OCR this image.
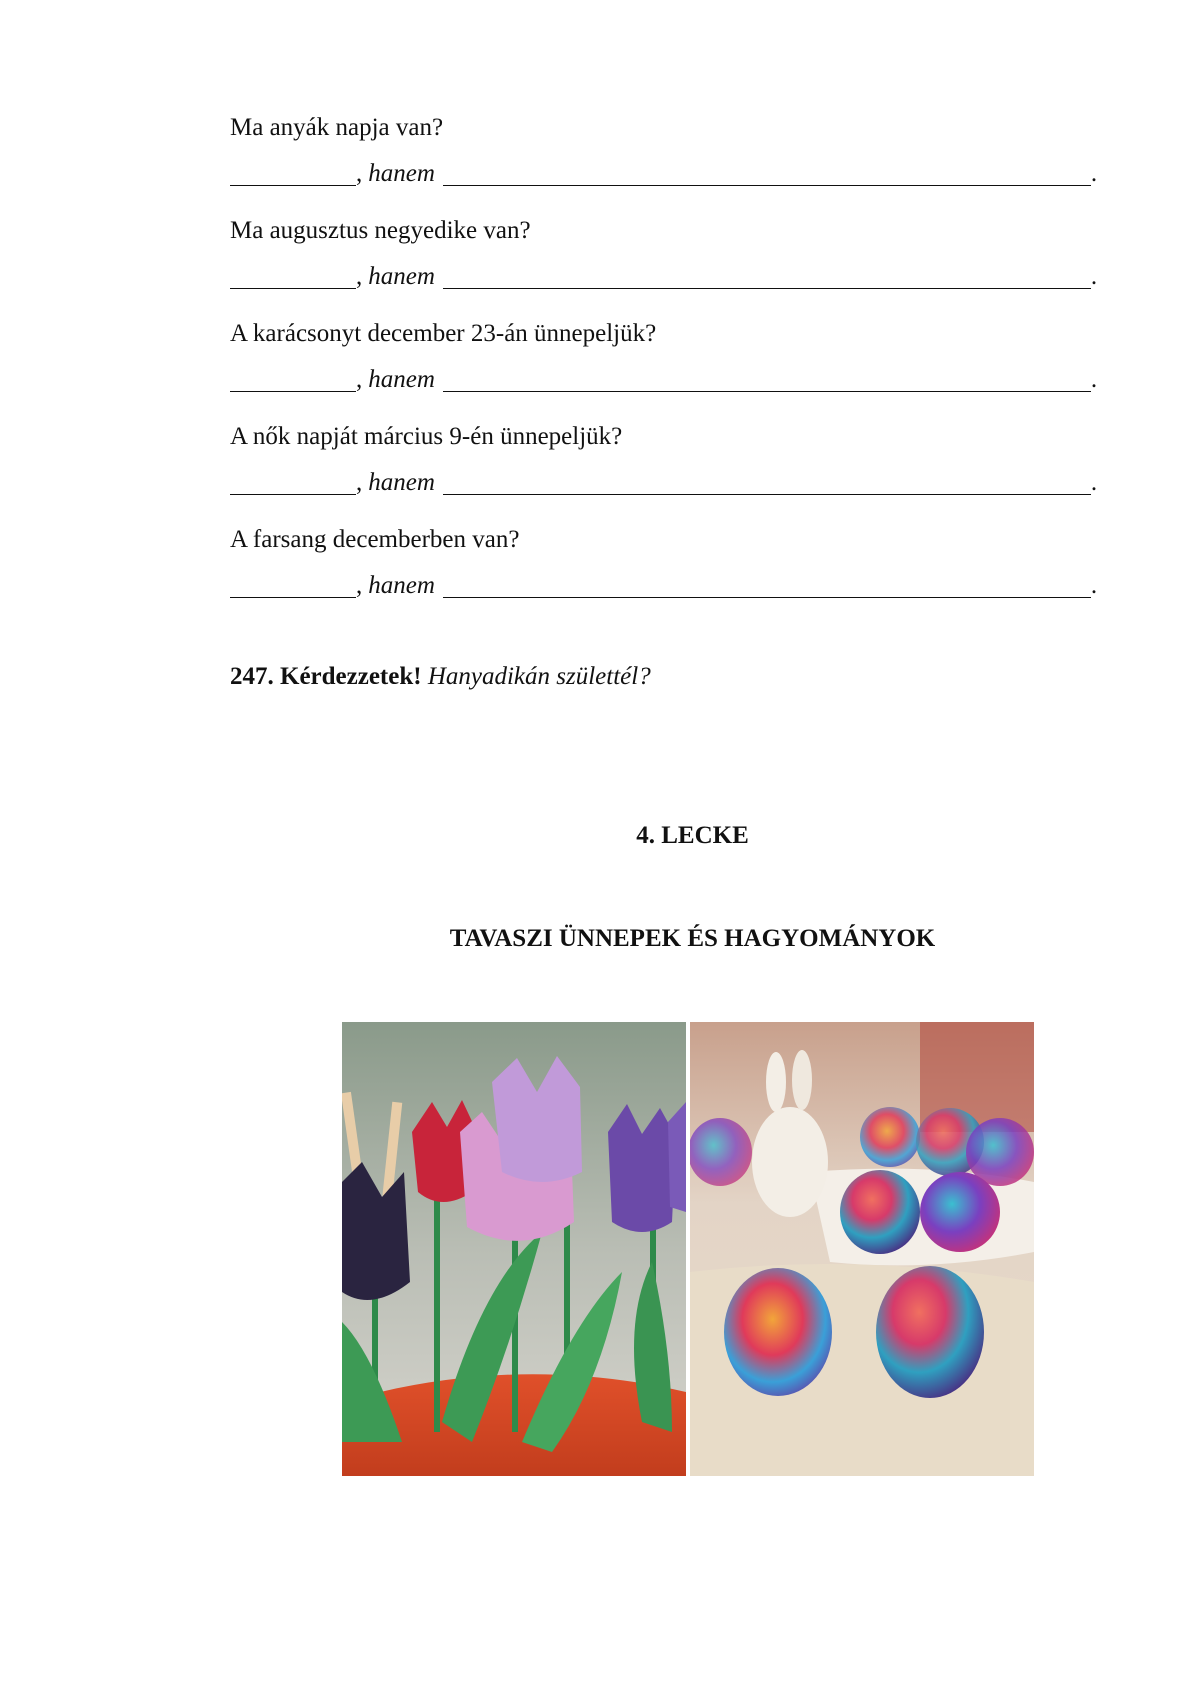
Ma anyák napja van?
, hanem	.
Ma augusztus negyedike van?
, hanem	.
A karácsonyt december 23-án ünnepeljük?
, hanem	.
A nők napját március 9-én ünnepeljük?
, hanem	.
A farsang decemberben van?
, hanem	.
247. Kérdezzetek! Hanyadikán születtél?
4. LECKE
TAVASZI ÜNNEPEK ÉS HAGYOMÁNYOK
